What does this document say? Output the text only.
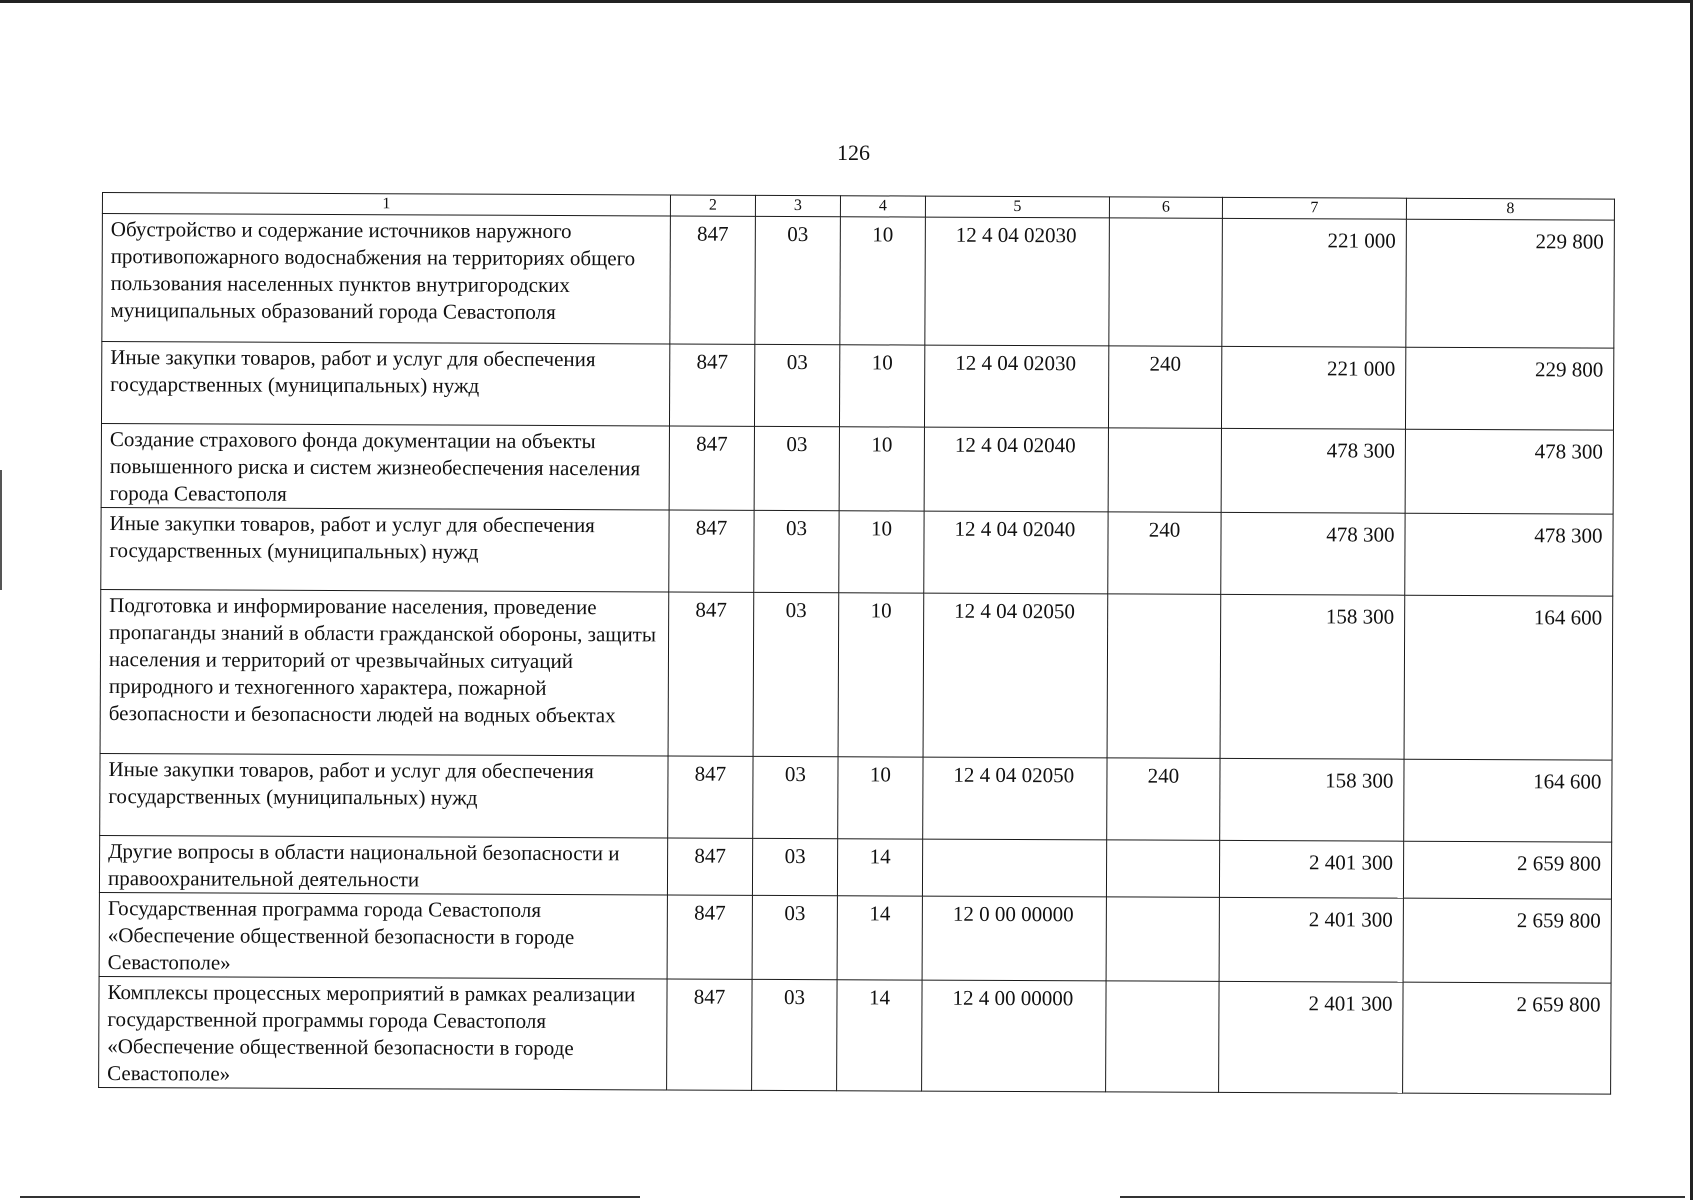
126
1	2	3	4	5	6	7	8
Обустройство и содержание источников наружного противопожарного водоснабжения на территориях общего пользования населенных пунктов внутригородских муниципальных образований города Севастополя	847	03	10	12 4 04 02030		221 000	229 800
Иные закупки товаров, работ и услуг для обеспечения государственных (муниципальных) нужд	847	03	10	12 4 04 02030	240	221 000	229 800
Создание страхового фонда документации на объекты повышенного риска и систем жизнеобеспечения населения города Севастополя	847	03	10	12 4 04 02040		478 300	478 300
Иные закупки товаров, работ и услуг для обеспечения государственных (муниципальных) нужд	847	03	10	12 4 04 02040	240	478 300	478 300
Подготовка и информирование населения, проведение пропаганды знаний в области гражданской обороны, защиты населения и территорий от чрезвычайных ситуаций природного и техногенного характера, пожарной безопасности и безопасности людей на водных объектах	847	03	10	12 4 04 02050		158 300	164 600
Иные закупки товаров, работ и услуг для обеспечения государственных (муниципальных) нужд	847	03	10	12 4 04 02050	240	158 300	164 600
Другие вопросы в области национальной безопасности и правоохранительной деятельности	847	03	14			2 401 300	2 659 800
Государственная программа города Севастополя «Обеспечение общественной безопасности в городе Севастополе»	847	03	14	12 0 00 00000		2 401 300	2 659 800
Комплексы процессных мероприятий в рамках реализации государственной программы города Севастополя «Обеспечение общественной безопасности в городе Севастополе»	847	03	14	12 4 00 00000		2 401 300	2 659 800
